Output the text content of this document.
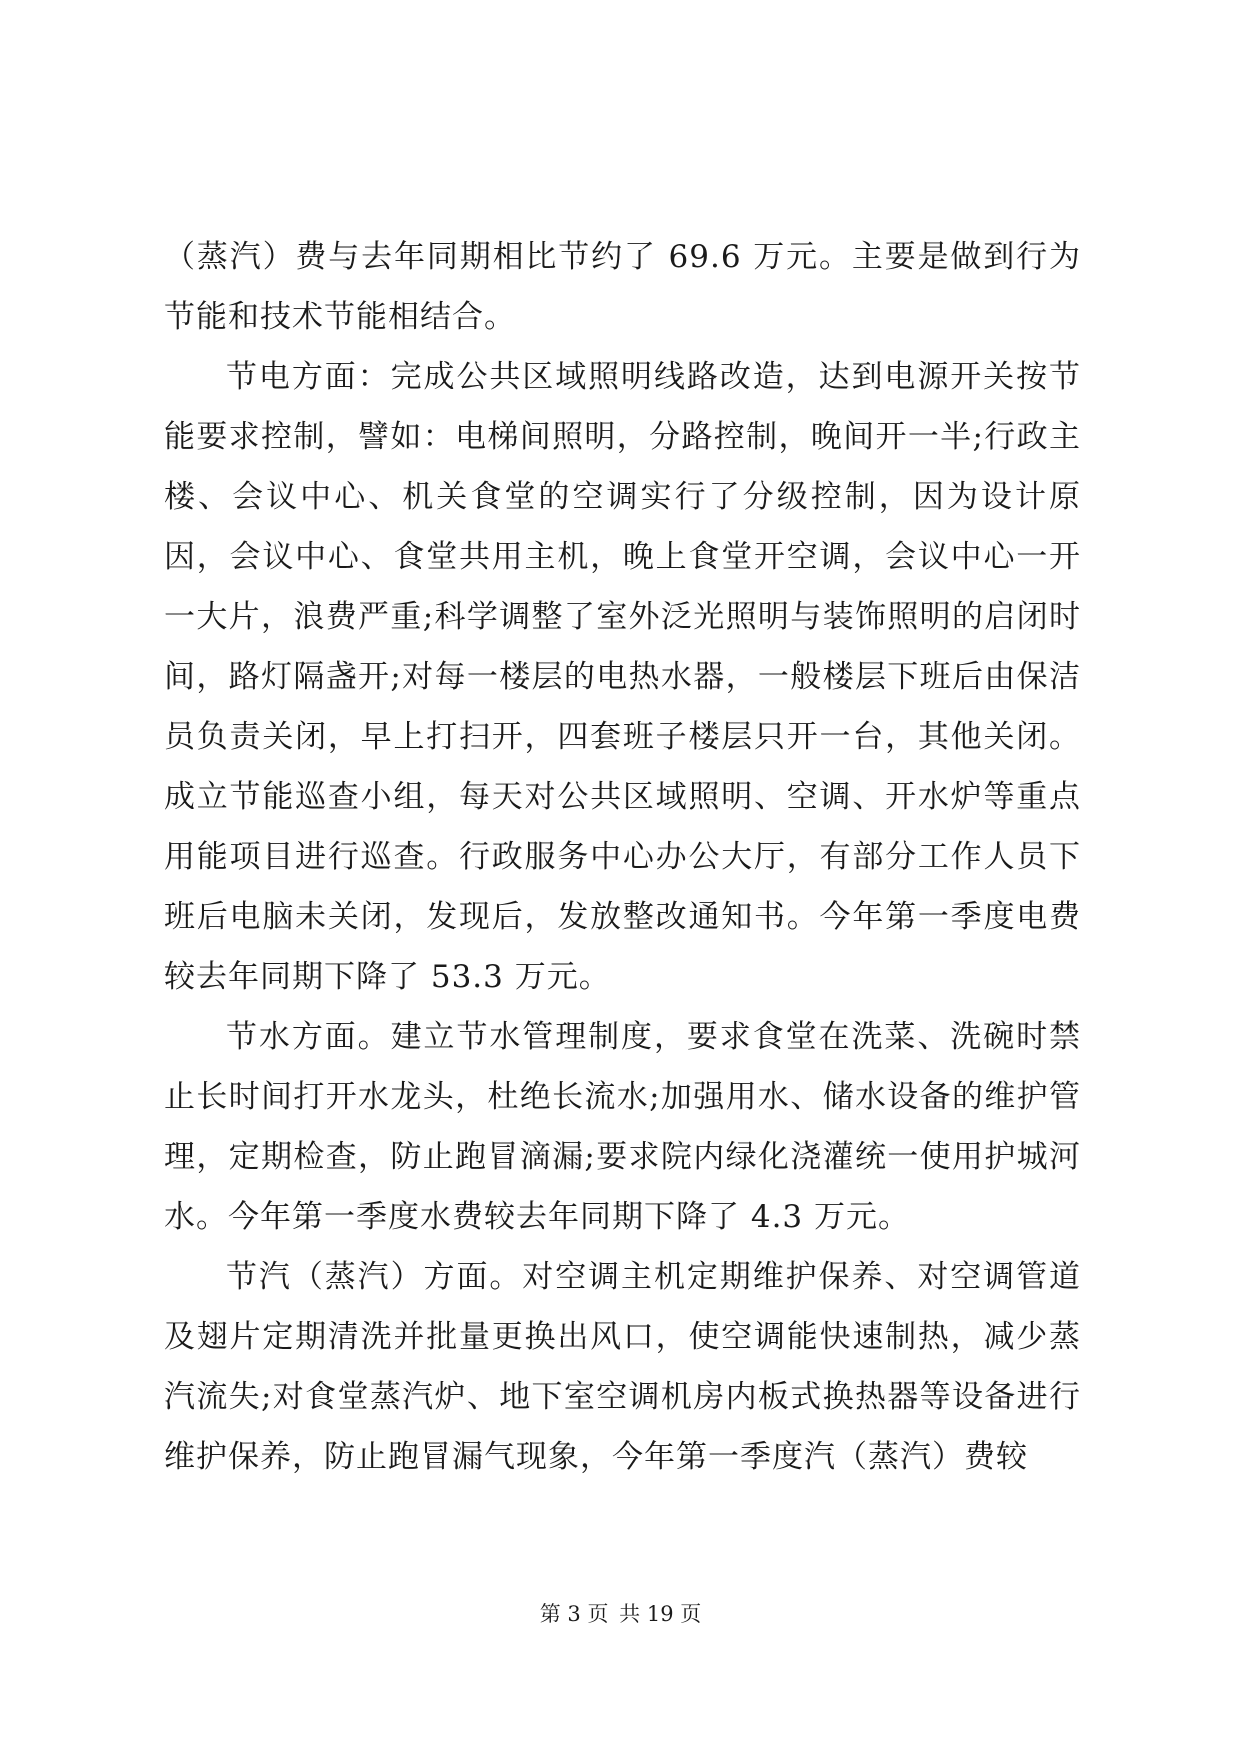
（蒸汽）费与去年同期相比节约了 69.6 万元。主要是做到行为节能和技术节能相结合。

节电方面：完成公共区域照明线路改造，达到电源开关按节能要求控制，譬如：电梯间照明，分路控制，晚间开一半;行政主楼、会议中心、机关食堂的空调实行了分级控制，因为设计原因，会议中心、食堂共用主机，晚上食堂开空调，会议中心一开一大片，浪费严重;科学调整了室外泛光照明与装饰照明的启闭时间，路灯隔盏开;对每一楼层的电热水器，一般楼层下班后由保洁员负责关闭，早上打扫开，四套班子楼层只开一台，其他关闭。成立节能巡查小组，每天对公共区域照明、空调、开水炉等重点用能项目进行巡查。行政服务中心办公大厅，有部分工作人员下班后电脑未关闭，发现后，发放整改通知书。今年第一季度电费较去年同期下降了 53.3 万元。

节水方面。建立节水管理制度，要求食堂在洗菜、洗碗时禁止长时间打开水龙头，杜绝长流水;加强用水、储水设备的维护管理，定期检查，防止跑冒滴漏;要求院内绿化浇灌统一使用护城河水。今年第一季度水费较去年同期下降了 4.3 万元。

节汽（蒸汽）方面。对空调主机定期维护保养、对空调管道及翅片定期清洗并批量更换出风口，使空调能快速制热，减少蒸汽流失;对食堂蒸汽炉、地下室空调机房内板式换热器等设备进行维护保养，防止跑冒漏气现象，今年第一季度汽（蒸汽）费较

第 3 页 共 19 页
